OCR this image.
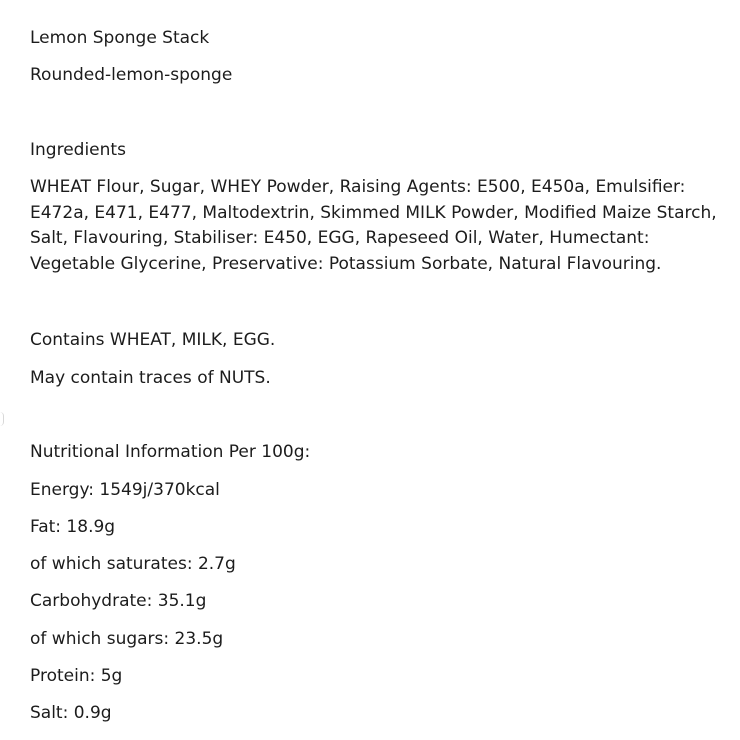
Lemon Sponge Stack
Rounded-lemon-sponge
Ingredients
WHEAT Flour, Sugar, WHEY Powder, Raising Agents: E500, E450a, Emulsifier: E472a, E471, E477, Maltodextrin, Skimmed MILK Powder, Modified Maize Starch, Salt, Flavouring, Stabiliser: E450, EGG, Rapeseed Oil, Water, Humectant: Vegetable Glycerine, Preservative: Potassium Sorbate, Natural Flavouring.
Contains WHEAT, MILK, EGG.
May contain traces of NUTS.
Nutritional Information Per 100g:
Energy: 1549j/370kcal
Fat: 18.9g
of which saturates: 2.7g
Carbohydrate: 35.1g
of which sugars: 23.5g
Protein: 5g
Salt: 0.9g
